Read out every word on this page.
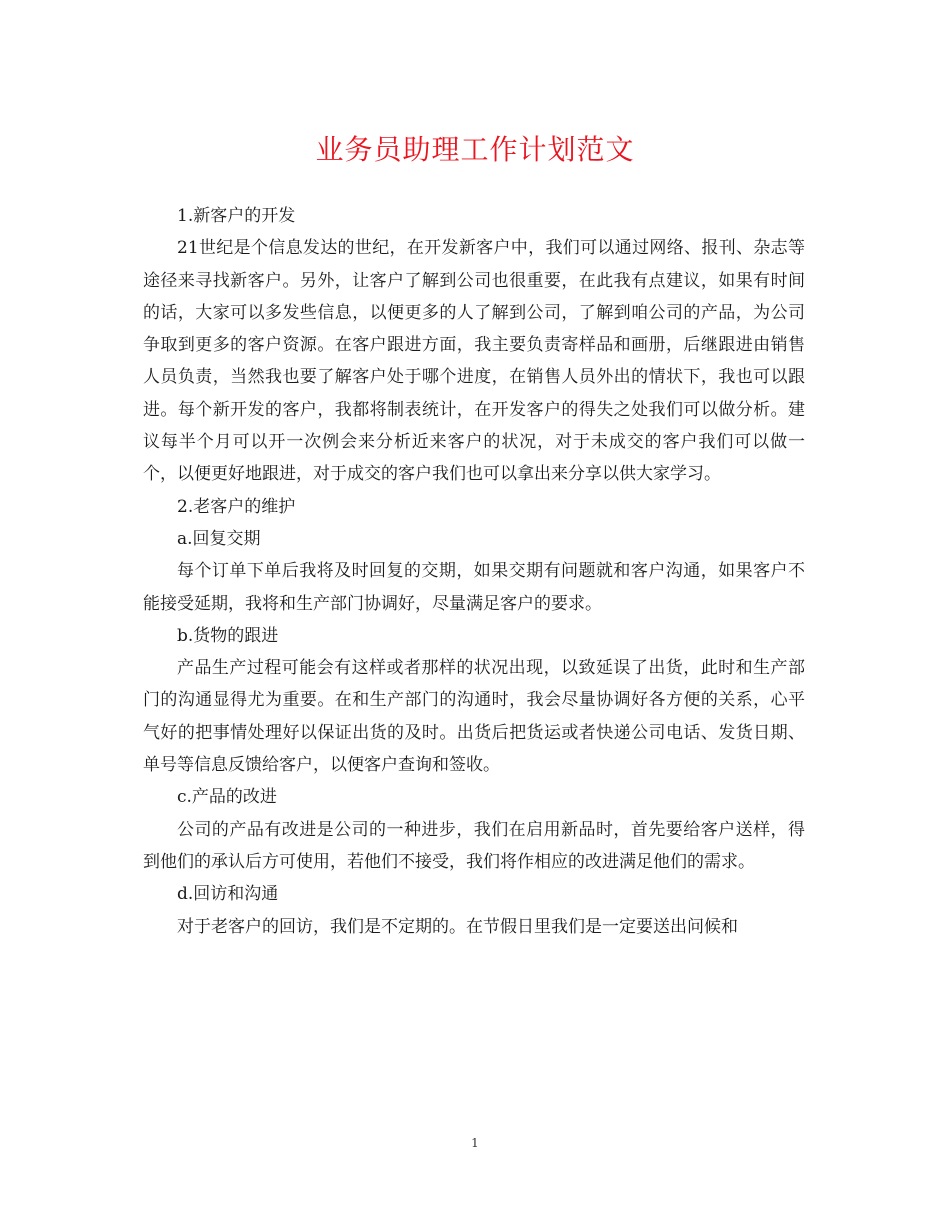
业务员助理工作计划范文

1.新客户的开发

21世纪是个信息发达的世纪，在开发新客户中，我们可以通过网络、报刊、杂志等途径来寻找新客户。另外，让客户了解到公司也很重要，在此我有点建议，如果有时间的话，大家可以多发些信息，以便更多的人了解到公司，了解到咱公司的产品，为公司争取到更多的客户资源。在客户跟进方面，我主要负责寄样品和画册，后继跟进由销售人员负责，当然我也要了解客户处于哪个进度，在销售人员外出的情状下，我也可以跟进。每个新开发的客户，我都将制表统计，在开发客户的得失之处我们可以做分析。建议每半个月可以开一次例会来分析近来客户的状况，对于未成交的客户我们可以做一个，以便更好地跟进，对于成交的客户我们也可以拿出来分享以供大家学习。

2.老客户的维护

a.回复交期

每个订单下单后我将及时回复的交期，如果交期有问题就和客户沟通，如果客户不能接受延期，我将和生产部门协调好，尽量满足客户的要求。

b.货物的跟进

产品生产过程可能会有这样或者那样的状况出现，以致延误了出货，此时和生产部门的沟通显得尤为重要。在和生产部门的沟通时，我会尽量协调好各方便的关系，心平气好的把事情处理好以保证出货的及时。出货后把货运或者快递公司电话、发货日期、单号等信息反馈给客户，以便客户查询和签收。

c.产品的改进

公司的产品有改进是公司的一种进步，我们在启用新品时，首先要给客户送样，得到他们的承认后方可使用，若他们不接受，我们将作相应的改进满足他们的需求。

d.回访和沟通

对于老客户的回访，我们是不定期的。在节假日里我们是一定要送出问候和

1
